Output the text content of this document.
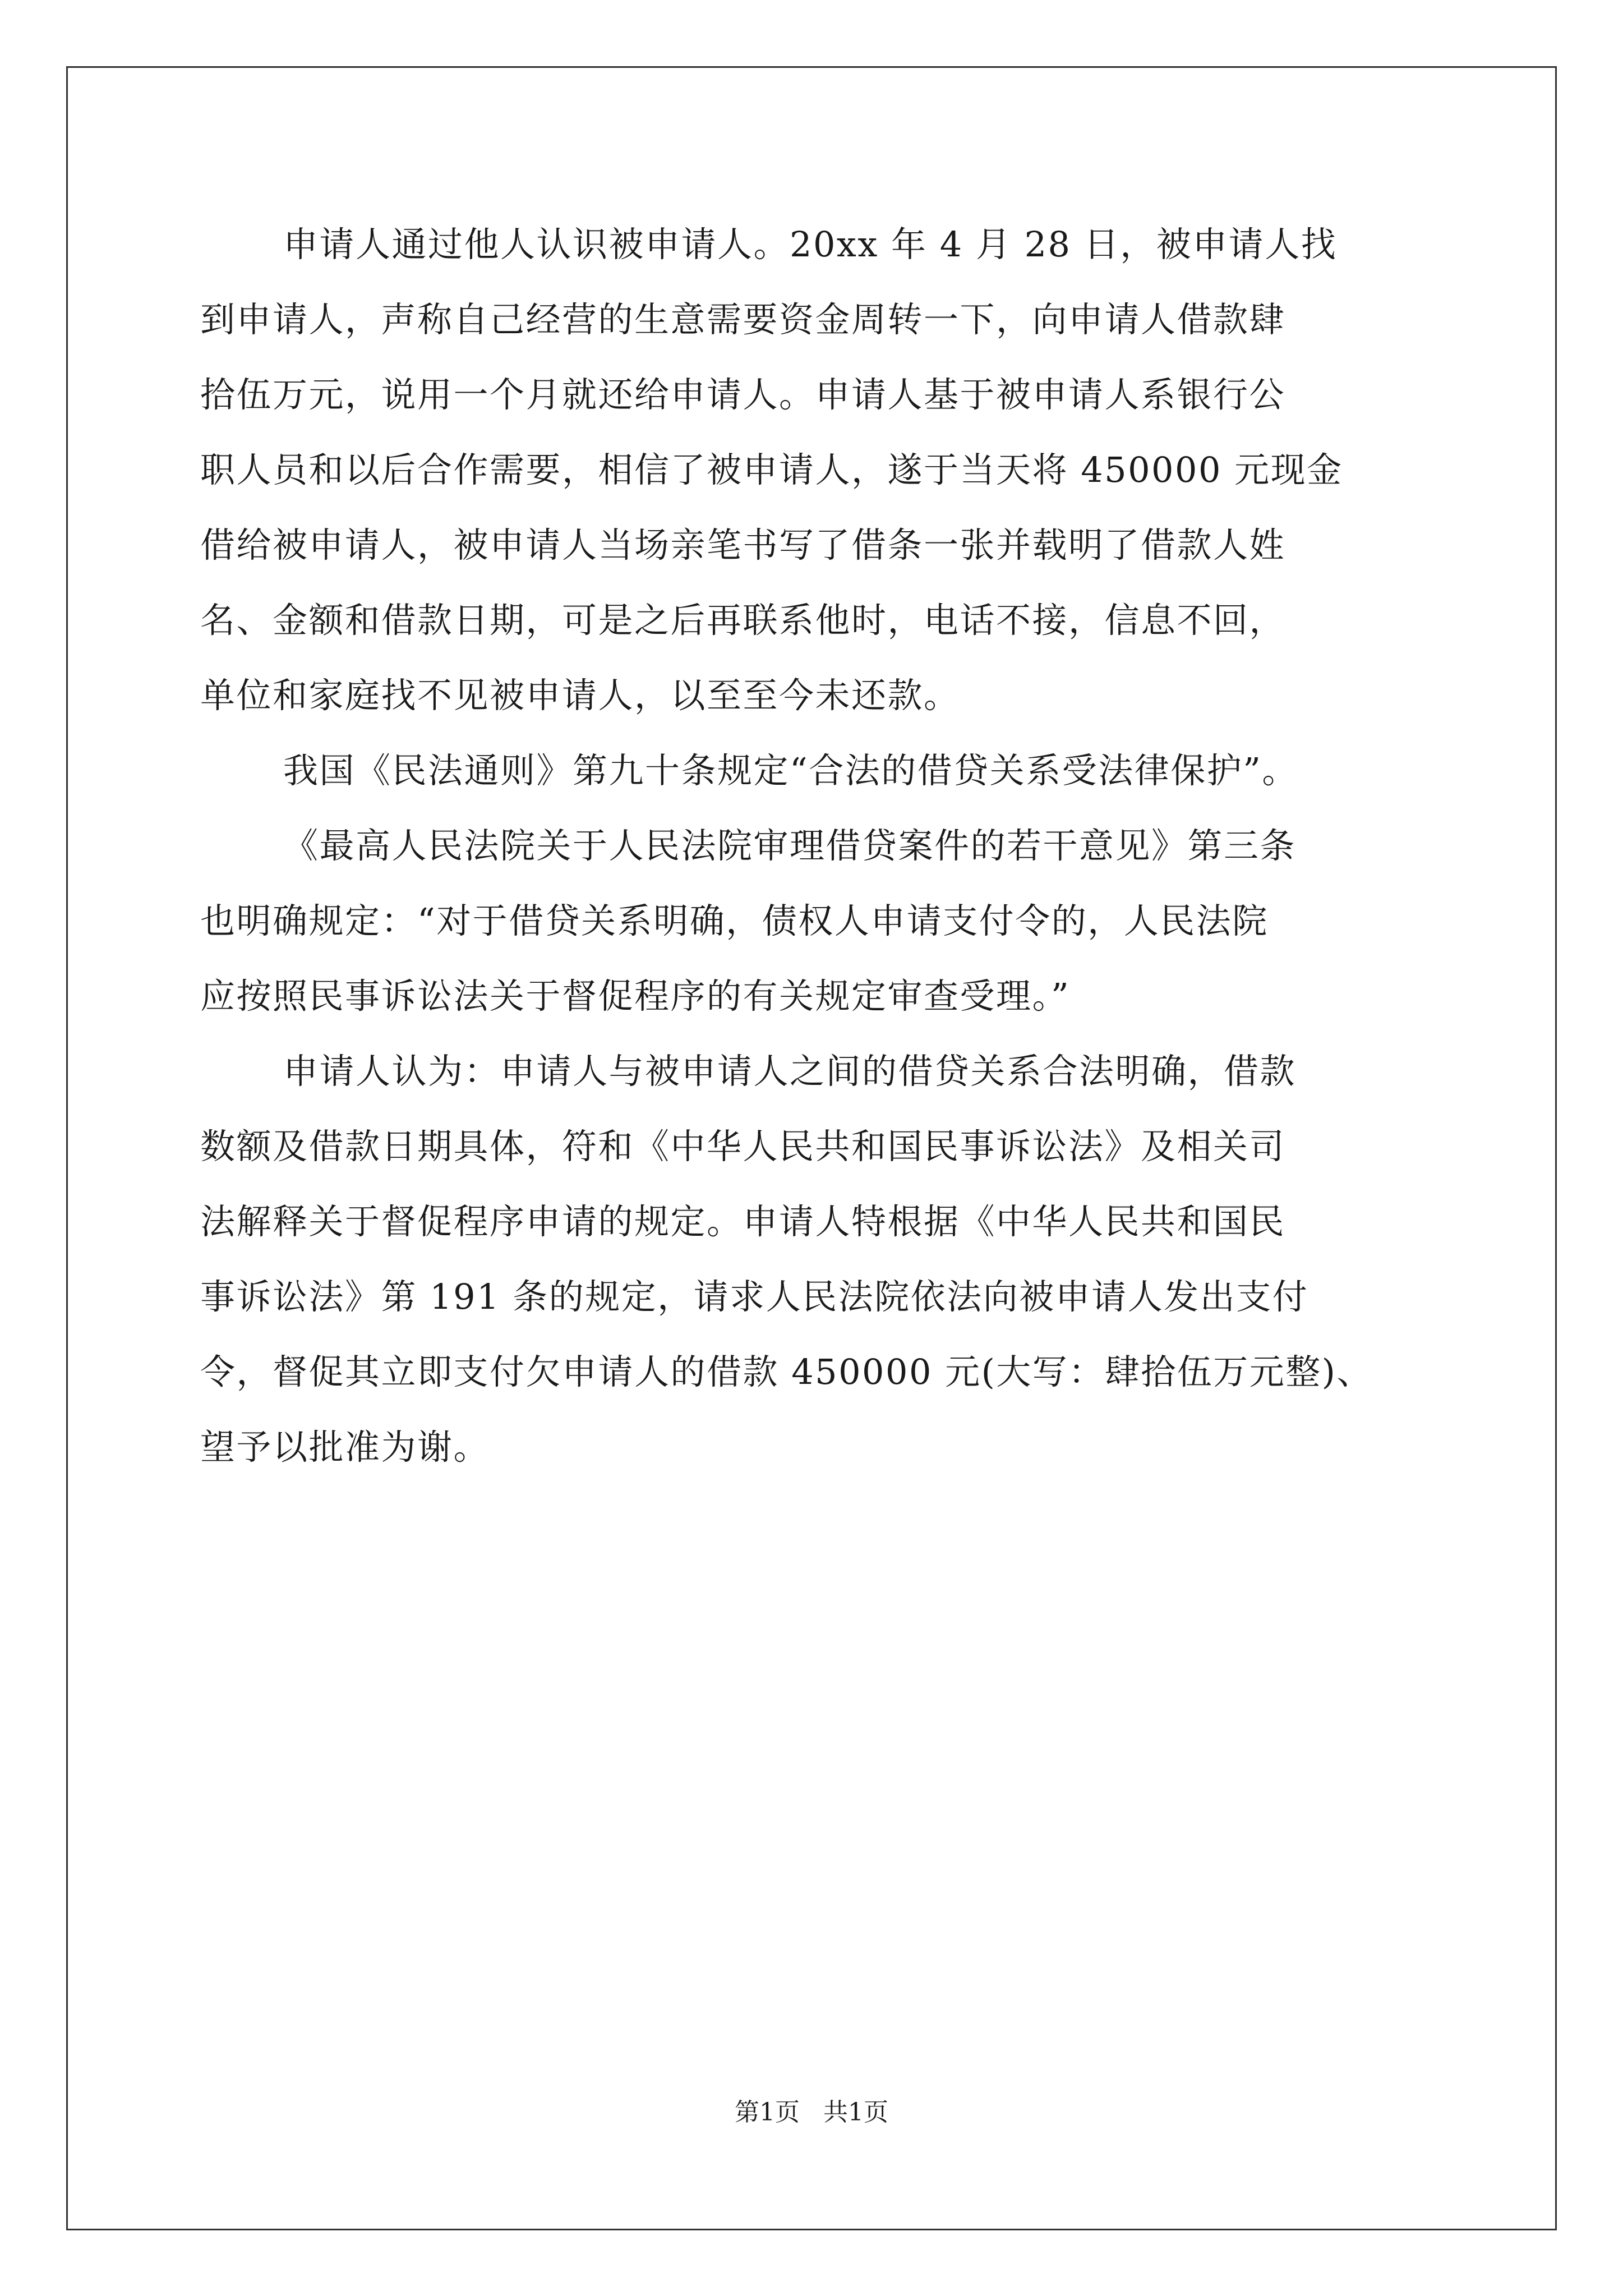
申请人通过他人认识被申请人。20xx 年 4 月 28 日，被申请人找
到申请人，声称自己经营的生意需要资金周转一下，向申请人借款肆
拾伍万元，说用一个月就还给申请人。申请人基于被申请人系银行公
职人员和以后合作需要，相信了被申请人，遂于当天将 450000 元现金
借给被申请人，被申请人当场亲笔书写了借条一张并载明了借款人姓
名、金额和借款日期，可是之后再联系他时，电话不接，信息不回，
单位和家庭找不见被申请人，以至至今未还款。
我国《民法通则》第九十条规定“合法的借贷关系受法律保护”。
《最高人民法院关于人民法院审理借贷案件的若干意见》第三条
也明确规定：“对于借贷关系明确，债权人申请支付令的，人民法院
应按照民事诉讼法关于督促程序的有关规定审查受理。”
申请人认为：申请人与被申请人之间的借贷关系合法明确，借款
数额及借款日期具体，符和《中华人民共和国民事诉讼法》及相关司
法解释关于督促程序申请的规定。申请人特根据《中华人民共和国民
事诉讼法》第 191 条的规定，请求人民法院依法向被申请人发出支付
令，督促其立即支付欠申请人的借款 450000 元(大写：肆拾伍万元整)、
望予以批准为谢。
第1页   共1页
